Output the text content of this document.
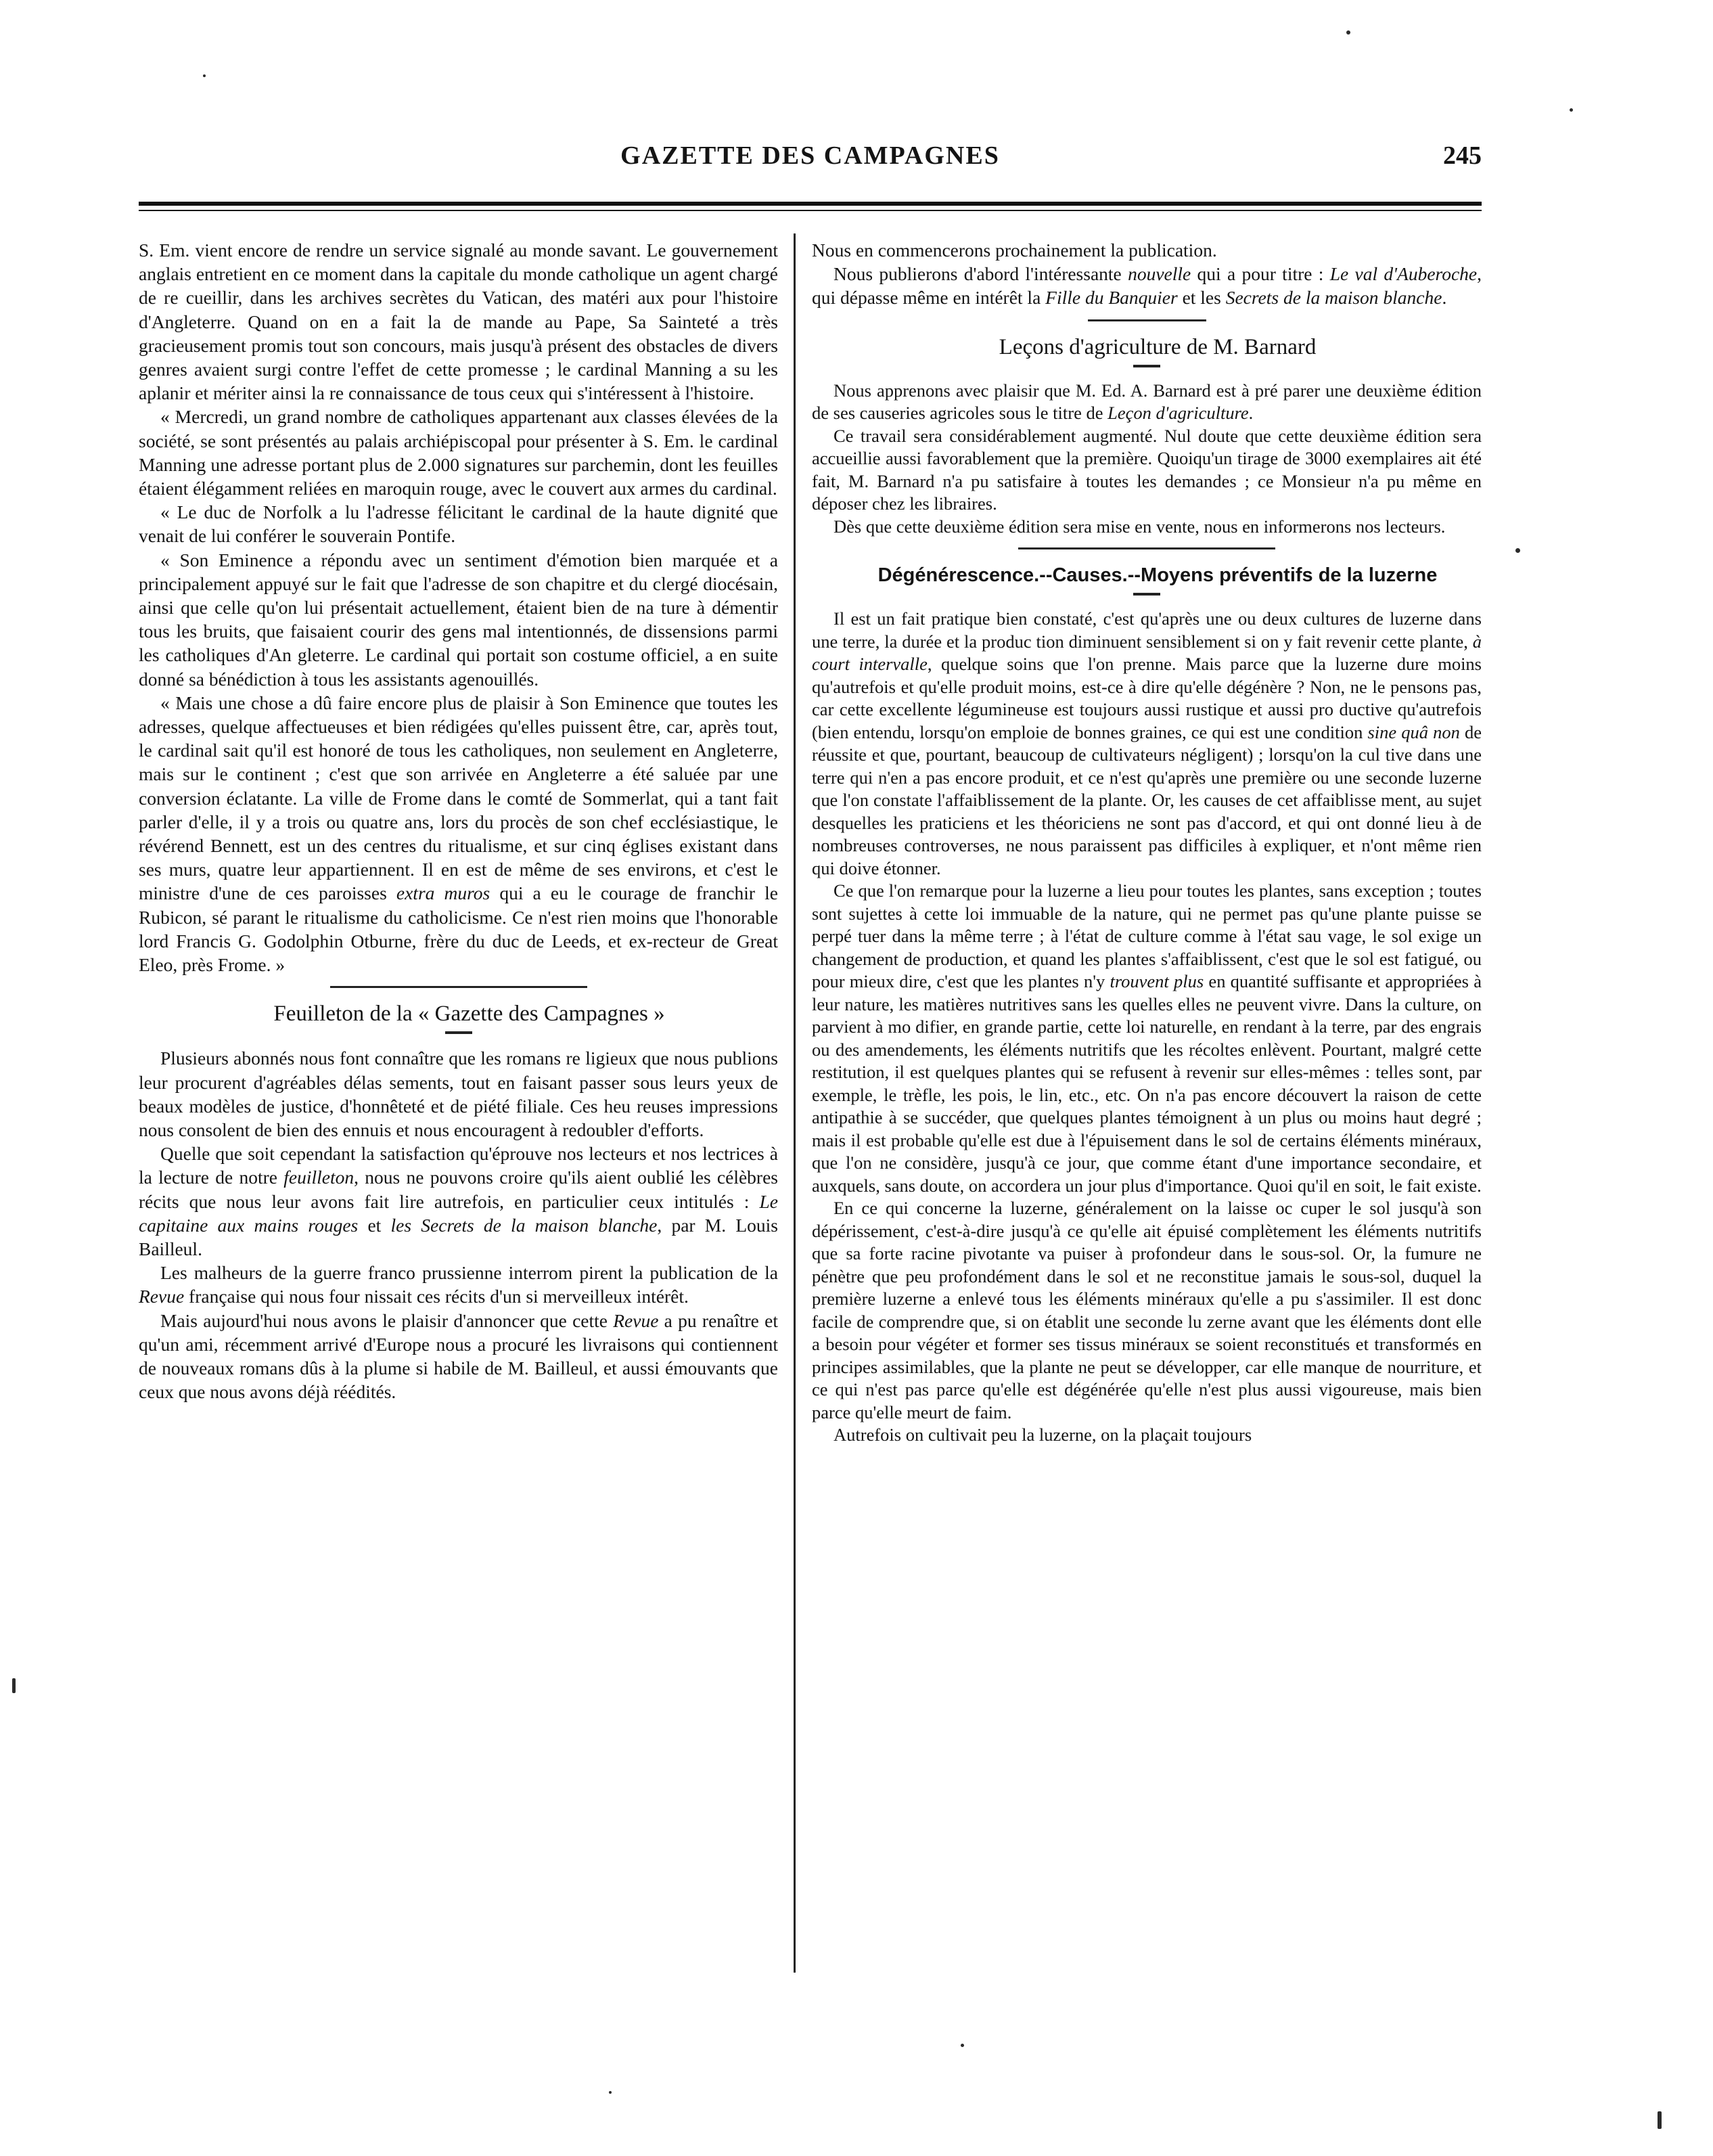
GAZETTE DES CAMPAGNES	245

S. Em. vient encore de rendre un service signalé au monde savant. Le gouvernement anglais entretient en ce moment dans la capitale du monde catholique un agent chargé de re cueillir, dans les archives secrètes du Vatican, des matéri aux pour l'histoire d'Angleterre. Quand on en a fait la de mande au Pape, Sa Sainteté a très gracieusement promis tout son concours, mais jusqu'à présent des obstacles de divers genres avaient surgi contre l'effet de cette promesse ; le cardinal Manning a su les aplanir et mériter ainsi la re connaissance de tous ceux qui s'intéressent à l'histoire.

« Mercredi, un grand nombre de catholiques appartenant aux classes élevées de la société, se sont présentés au palais archiépiscopal pour présenter à S. Em. le cardinal Manning une adresse portant plus de 2.000 signatures sur parchemin, dont les feuilles étaient élégamment reliées en maroquin rouge, avec le couvert aux armes du cardinal.

« Le duc de Norfolk a lu l'adresse félicitant le cardinal de la haute dignité que venait de lui conférer le souverain Pontife.

« Son Eminence a répondu avec un sentiment d'émotion bien marquée et a principalement appuyé sur le fait que l'adresse de son chapitre et du clergé diocésain, ainsi que celle qu'on lui présentait actuellement, étaient bien de na ture à démentir tous les bruits, que faisaient courir des gens mal intentionnés, de dissensions parmi les catholiques d'An gleterre. Le cardinal qui portait son costume officiel, a en suite donné sa bénédiction à tous les assistants agenouillés.

« Mais une chose a dû faire encore plus de plaisir à Son Eminence que toutes les adresses, quelque affectueuses et bien rédigées qu'elles puissent être, car, après tout, le cardinal sait qu'il est honoré de tous les catholiques, non seulement en Angleterre, mais sur le continent ; c'est que son arrivée en Angleterre a été saluée par une conversion éclatante. La ville de Frome dans le comté de Sommerlat, qui a tant fait parler d'elle, il y a trois ou quatre ans, lors du procès de son chef ecclésiastique, le révérend Bennett, est un des centres du ritualisme, et sur cinq églises existant dans ses murs, quatre leur appartiennent. Il en est de même de ses environs, et c'est le ministre d'une de ces paroisses extra muros qui a eu le courage de franchir le Rubicon, sé parant le ritualisme du catholicisme. Ce n'est rien moins que l'honorable lord Francis G. Godolphin Otburne, frère du duc de Leeds, et ex-recteur de Great Eleo, près Frome. »

Feuilleton de la « Gazette des Campagnes »

Plusieurs abonnés nous font connaître que les romans re ligieux que nous publions leur procurent d'agréables délas sements, tout en faisant passer sous leurs yeux de beaux modèles de justice, d'honnêteté et de piété filiale. Ces heu reuses impressions nous consolent de bien des ennuis et nous encouragent à redoubler d'efforts.

Quelle que soit cependant la satisfaction qu'éprouve nos lecteurs et nos lectrices à la lecture de notre feuilleton, nous ne pouvons croire qu'ils aient oublié les célèbres récits que nous leur avons fait lire autrefois, en particulier ceux intitulés : Le capitaine aux mains rouges et les Secrets de la maison blanche, par M. Louis Bailleul.

Les malheurs de la guerre franco prussienne interrom pirent la publication de la Revue française qui nous four nissait ces récits d'un si merveilleux intérêt.

Mais aujourd'hui nous avons le plaisir d'annoncer que cette Revue a pu renaître et qu'un ami, récemment arrivé d'Europe nous a procuré les livraisons qui contiennent de nouveaux romans dûs à la plume si habile de M. Bailleul, et aussi émouvants que ceux que nous avons déjà réédités.

Nous en commencerons prochainement la publication.

Nous publierons d'abord l'intéressante nouvelle qui a pour titre : Le val d'Auberoche, qui dépasse même en intérêt la Fille du Banquier et les Secrets de la maison blanche.

Leçons d'agriculture de M. Barnard

Nous apprenons avec plaisir que M. Ed. A. Barnard est à pré parer une deuxième édition de ses causeries agricoles sous le titre de Leçon d'agriculture.

Ce travail sera considérablement augmenté. Nul doute que cette deuxième édition sera accueillie aussi favorablement que la première. Quoiqu'un tirage de 3000 exemplaires ait été fait, M. Barnard n'a pu satisfaire à toutes les demandes ; ce Monsieur n'a pu même en déposer chez les libraires.

Dès que cette deuxième édition sera mise en vente, nous en informerons nos lecteurs.

Dégénérescence.--Causes.--Moyens préventifs de la luzerne

Il est un fait pratique bien constaté, c'est qu'après une ou deux cultures de luzerne dans une terre, la durée et la produc tion diminuent sensiblement si on y fait revenir cette plante, à court intervalle, quelque soins que l'on prenne. Mais parce que la luzerne dure moins qu'autrefois et qu'elle produit moins, est-ce à dire qu'elle dégénère ? Non, ne le pensons pas, car cette excellente légumineuse est toujours aussi rustique et aussi pro ductive qu'autrefois (bien entendu, lorsqu'on emploie de bonnes graines, ce qui est une condition sine quâ non de réussite et que, pourtant, beaucoup de cultivateurs négligent) ; lorsqu'on la cul tive dans une terre qui n'en a pas encore produit, et ce n'est qu'après une première ou une seconde luzerne que l'on constate l'affaiblissement de la plante. Or, les causes de cet affaiblisse ment, au sujet desquelles les praticiens et les théoriciens ne sont pas d'accord, et qui ont donné lieu à de nombreuses controverses, ne nous paraissent pas difficiles à expliquer, et n'ont même rien qui doive étonner.

Ce que l'on remarque pour la luzerne a lieu pour toutes les plantes, sans exception ; toutes sont sujettes à cette loi immuable de la nature, qui ne permet pas qu'une plante puisse se perpé tuer dans la même terre ; à l'état de culture comme à l'état sau vage, le sol exige un changement de production, et quand les plantes s'affaiblissent, c'est que le sol est fatigué, ou pour mieux dire, c'est que les plantes n'y trouvent plus en quantité suffisante et appropriées à leur nature, les matières nutritives sans les quelles elles ne peuvent vivre. Dans la culture, on parvient à mo difier, en grande partie, cette loi naturelle, en rendant à la terre, par des engrais ou des amendements, les éléments nutritifs que les récoltes enlèvent. Pourtant, malgré cette restitution, il est quelques plantes qui se refusent à revenir sur elles-mêmes : telles sont, par exemple, le trèfle, les pois, le lin, etc., etc. On n'a pas encore découvert la raison de cette antipathie à se succéder, que quelques plantes témoignent à un plus ou moins haut degré ; mais il est probable qu'elle est due à l'épuisement dans le sol de certains éléments minéraux, que l'on ne considère, jusqu'à ce jour, que comme étant d'une importance secondaire, et auxquels, sans doute, on accordera un jour plus d'importance. Quoi qu'il en soit, le fait existe.

En ce qui concerne la luzerne, généralement on la laisse oc cuper le sol jusqu'à son dépérissement, c'est-à-dire jusqu'à ce qu'elle ait épuisé complètement les éléments nutritifs que sa forte racine pivotante va puiser à profondeur dans le sous-sol. Or, la fumure ne pénètre que peu profondément dans le sol et ne reconstitue jamais le sous-sol, duquel la première luzerne a enlevé tous les éléments minéraux qu'elle a pu s'assimiler. Il est donc facile de comprendre que, si on établit une seconde lu zerne avant que les éléments dont elle a besoin pour végéter et former ses tissus minéraux se soient reconstitués et transformés en principes assimilables, que la plante ne peut se développer, car elle manque de nourriture, et ce qui n'est pas parce qu'elle est dégénérée qu'elle n'est plus aussi vigoureuse, mais bien parce qu'elle meurt de faim.

Autrefois on cultivait peu la luzerne, on la plaçait toujours
